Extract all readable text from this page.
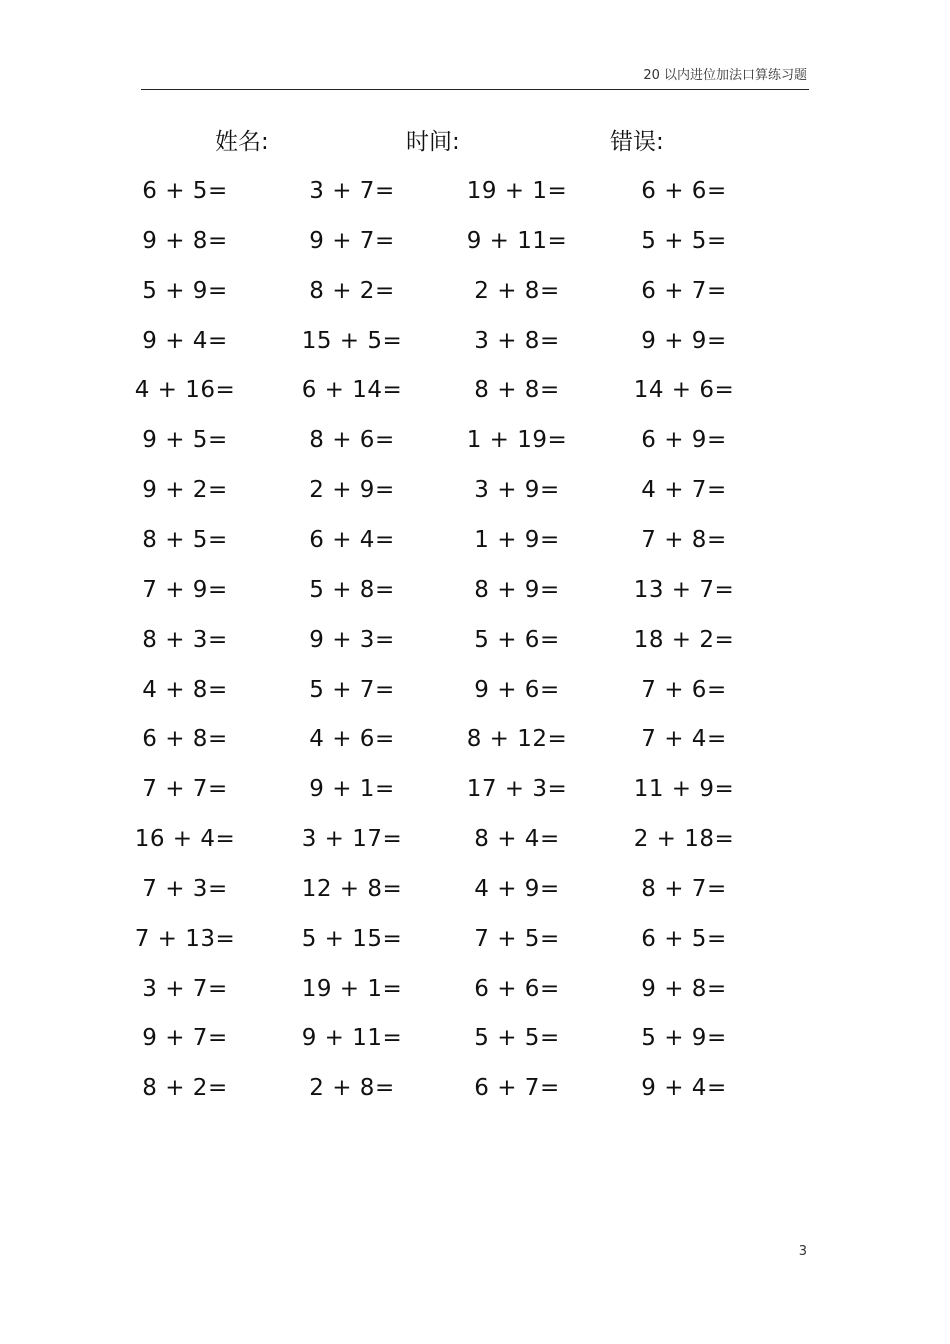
20 以内进位加法口算练习题
姓名:	时间:	错误:
6 + 5=	3 + 7=	19 + 1=	6 + 6=
9 + 8=	9 + 7=	9 + 11=	5 + 5=
5 + 9=	8 + 2=	2 + 8=	6 + 7=
9 + 4=	15 + 5=	3 + 8=	9 + 9=
4 + 16=	6 + 14=	8 + 8=	14 + 6=
9 + 5=	8 + 6=	1 + 19=	6 + 9=
9 + 2=	2 + 9=	3 + 9=	4 + 7=
8 + 5=	6 + 4=	1 + 9=	7 + 8=
7 + 9=	5 + 8=	8 + 9=	13 + 7=
8 + 3=	9 + 3=	5 + 6=	18 + 2=
4 + 8=	5 + 7=	9 + 6=	7 + 6=
6 + 8=	4 + 6=	8 + 12=	7 + 4=
7 + 7=	9 + 1=	17 + 3=	11 + 9=
16 + 4=	3 + 17=	8 + 4=	2 + 18=
7 + 3=	12 + 8=	4 + 9=	8 + 7=
7 + 13=	5 + 15=	7 + 5=	6 + 5=
3 + 7=	19 + 1=	6 + 6=	9 + 8=
9 + 7=	9 + 11=	5 + 5=	5 + 9=
8 + 2=	2 + 8=	6 + 7=	9 + 4=
3
